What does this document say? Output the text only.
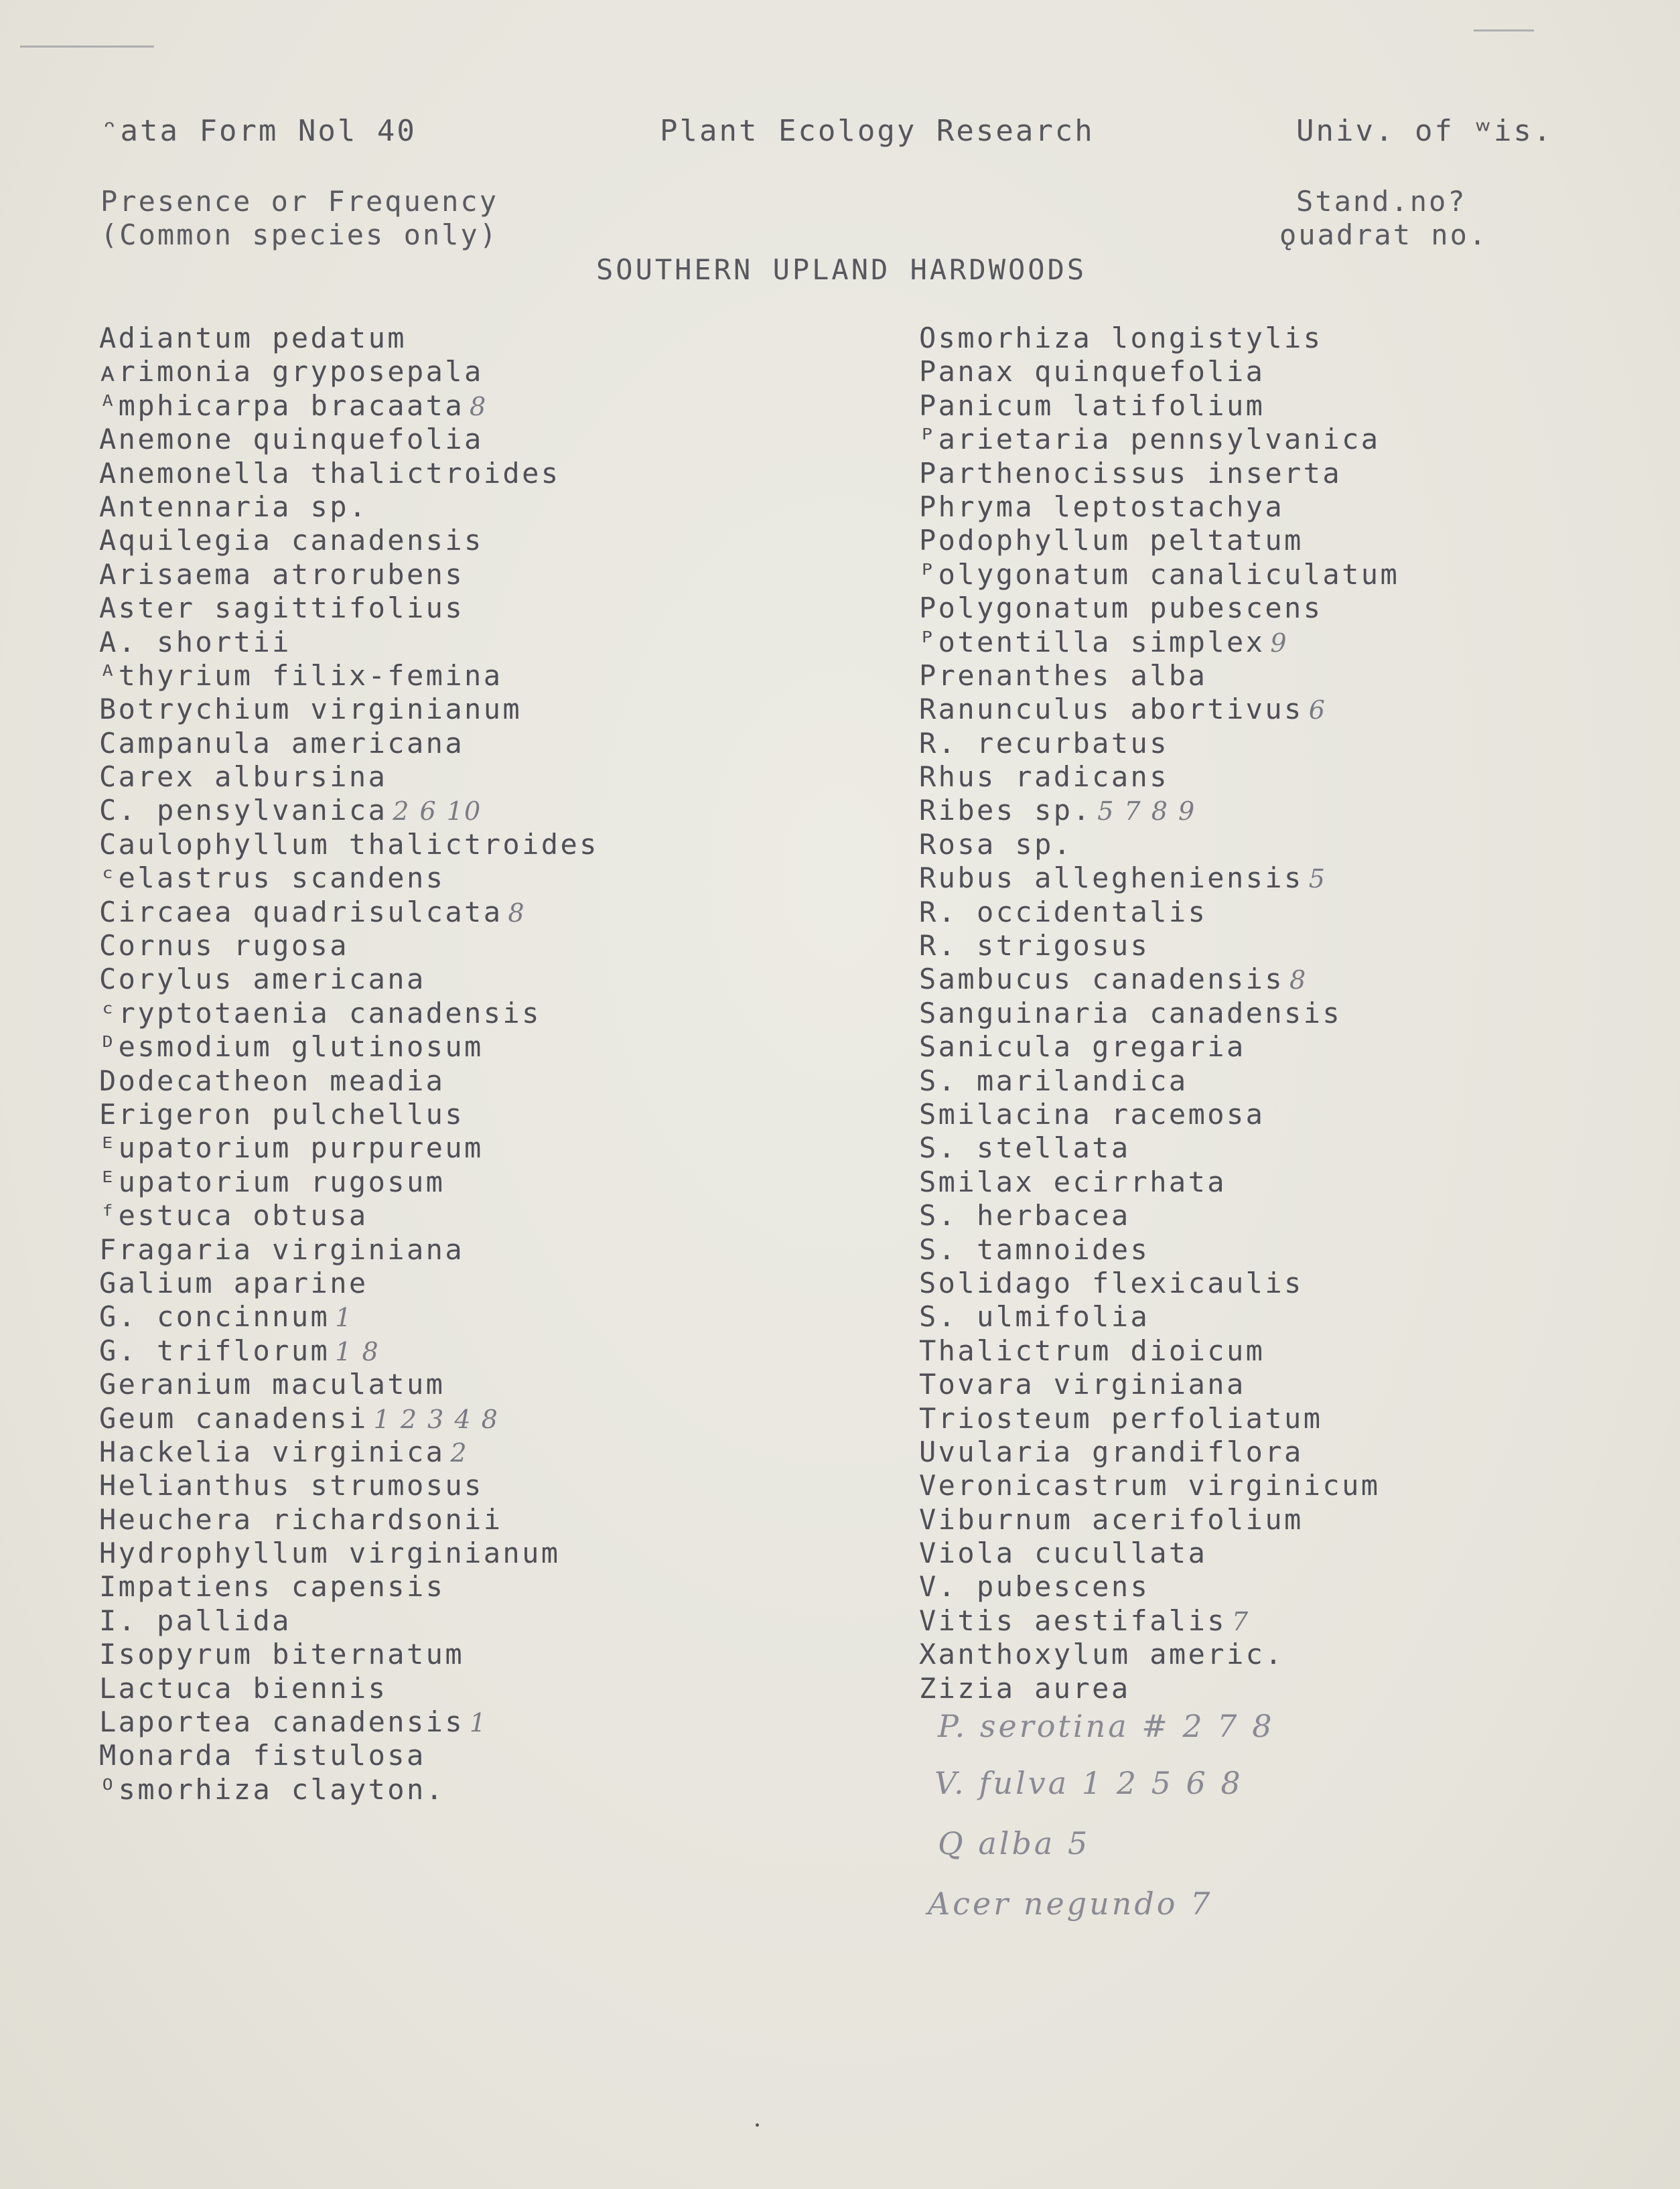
ᵔata Form Nol 40	Plant Ecology Research	Univ. of ʷis.
Presence or Frequency
(Common species only)
Stand.no?
ǫuadrat no.
SOUTHERN UPLAND HARDWOODS
Adiantum pedatum
ᴀrimonia gryposepala
ᴬmphicarpa bracaata 8
Anemone quinquefolia
Anemonella thalictroides
Antennaria sp.
Aquilegia canadensis
Arisaema atrorubens
Aster sagittifolius
A. shortii
ᴬthyrium filix-femina
Botrychium virginianum
Campanula americana
Carex albursina
C. pensylvanica 2 6 10
Caulophyllum thalictroides
ᶜelastrus scandens
Circaea quadrisulcata 8
Cornus rugosa
Corylus americana
ᶜryptotaenia canadensis
ᴰesmodium glutinosum
Dodecatheon meadia
Erigeron pulchellus
ᴱupatorium purpureum
ᴱupatorium rugosum
ᶠestuca obtusa
Fragaria virginiana
Galium aparine
G. concinnum 1
G. triflorum 1 8
Geranium maculatum
Geum canadensi 1 2 3 4 8
Hackelia virginica 2
Helianthus strumosus
Heuchera richardsonii
Hydrophyllum virginianum
Impatiens capensis
I. pallida
Isopyrum biternatum
Lactuca biennis
Laportea canadensis 1
Monarda fistulosa
ᴼsmorhiza clayton.
Osmorhiza longistylis
Panax quinquefolia
Panicum latifolium
ᴾarietaria pennsylvanica
Parthenocissus inserta
Phryma leptostachya
Podophyllum peltatum
ᴾolygonatum canaliculatum
Polygonatum pubescens
ᴾotentilla simplex 9
Prenanthes alba
Ranunculus abortivus 6
R. recurbatus
Rhus radicans
Ribes sp. 5 7 8 9
Rosa sp.
Rubus allegheniensis 5
R. occidentalis
R. strigosus
Sambucus canadensis 8
Sanguinaria canadensis
Sanicula gregaria
S. marilandica
Smilacina racemosa
S. stellata
Smilax ecirrhata
S. herbacea
S. tamnoides
Solidago flexicaulis
S. ulmifolia
Thalictrum dioicum
Tovara virginiana
Triosteum perfoliatum
Uvularia grandiflora
Veronicastrum virginicum
Viburnum acerifolium
Viola cucullata
V. pubescens
Vitis aestifalis 7
Xanthoxylum americ.
Zizia aurea
P. serotina # 2 7 8
V. fulva 1 2 5 6 8
Q alba 5
Acer negundo 7
